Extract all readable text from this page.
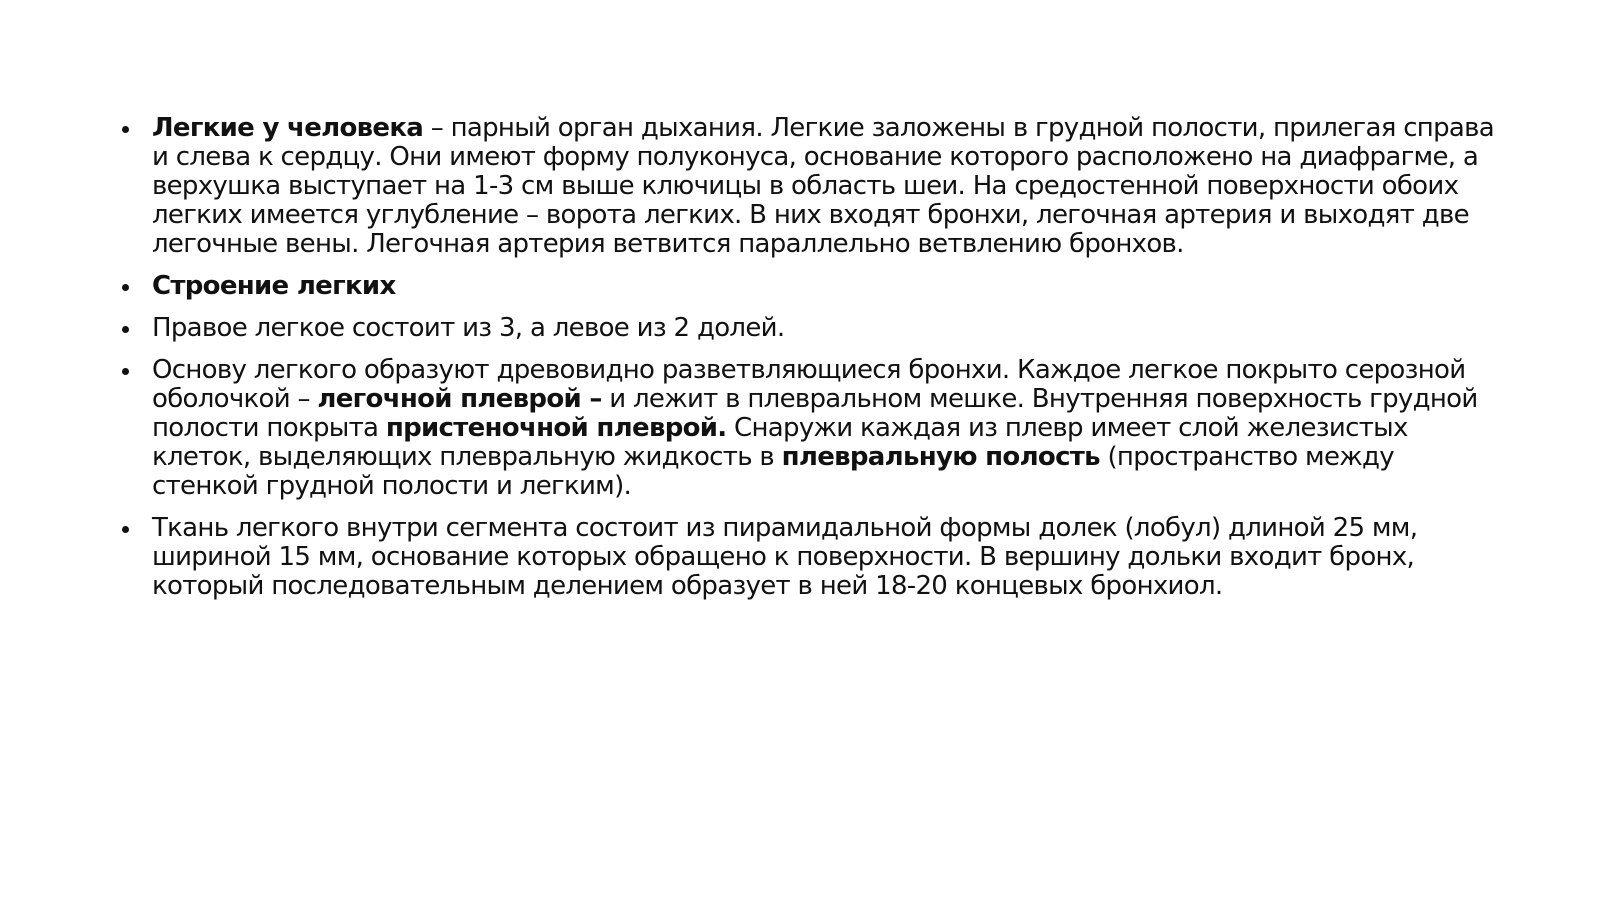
Легкие у человека – парный орган дыхания. Легкие заложены в грудной полости, прилегая справа и слева к сердцу. Они имеют форму полуконуса, основание которого расположено на диафрагме, а верхушка выступает на 1-3 см выше ключицы в область шеи. На средостенной поверхности обоих легких имеется углубление – ворота легких. В них входят бронхи, легочная артерия и выходят две легочные вены. Легочная артерия ветвится параллельно ветвлению бронхов.
Строение легких
Правое легкое состоит из 3, а левое из 2 долей.
Основу легкого образуют древовидно разветвляющиеся бронхи. Каждое легкое покрыто серозной оболочкой – легочной плеврой – и лежит в плевральном мешке. Внутренняя поверхность грудной полости покрыта пристеночной плеврой. Снаружи каждая из плевр имеет слой железистых клеток, выделяющих плевральную жидкость в плевральную полость (пространство между стенкой грудной полости и легким).
Ткань легкого внутри сегмента состоит из пирамидальной формы долек (лобул) длиной 25 мм, шириной 15 мм, основание которых обращено к поверхности. В вершину дольки входит бронх, который последовательным делением образует в ней 18-20 концевых бронхиол.
